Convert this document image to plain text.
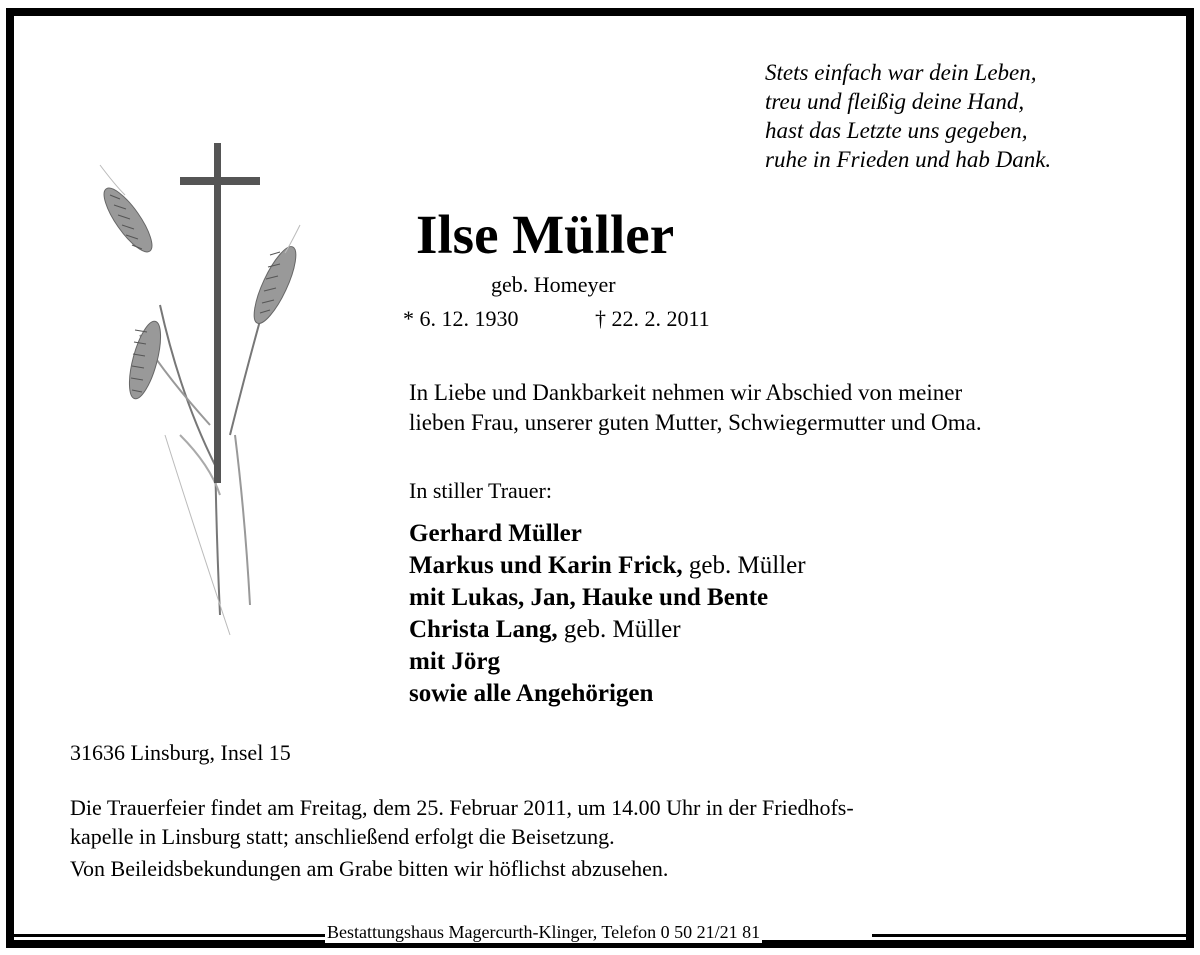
Stets einfach war dein Leben,
treu und fleißig deine Hand,
hast das Letzte uns gegeben,
ruhe in Frieden und hab Dank.
Ilse Müller
geb. Homeyer
* 6. 12. 1930	† 22. 2. 2011
In Liebe und Dankbarkeit nehmen wir Abschied von meiner
lieben Frau, unserer guten Mutter, Schwiegermutter und Oma.
In stiller Trauer:
Gerhard Müller
Markus und Karin Frick, geb. Müller
mit Lukas, Jan, Hauke und Bente
Christa Lang, geb. Müller
mit Jörg
sowie alle Angehörigen
31636 Linsburg, Insel 15
Die Trauerfeier findet am Freitag, dem 25. Februar 2011, um 14.00 Uhr in der Friedhofs-
kapelle in Linsburg statt; anschließend erfolgt die Beisetzung.
Von Beileidsbekundungen am Grabe bitten wir höflichst abzusehen.
Bestattungshaus Magercurth-Klinger, Telefon 0 50 21/21 81
